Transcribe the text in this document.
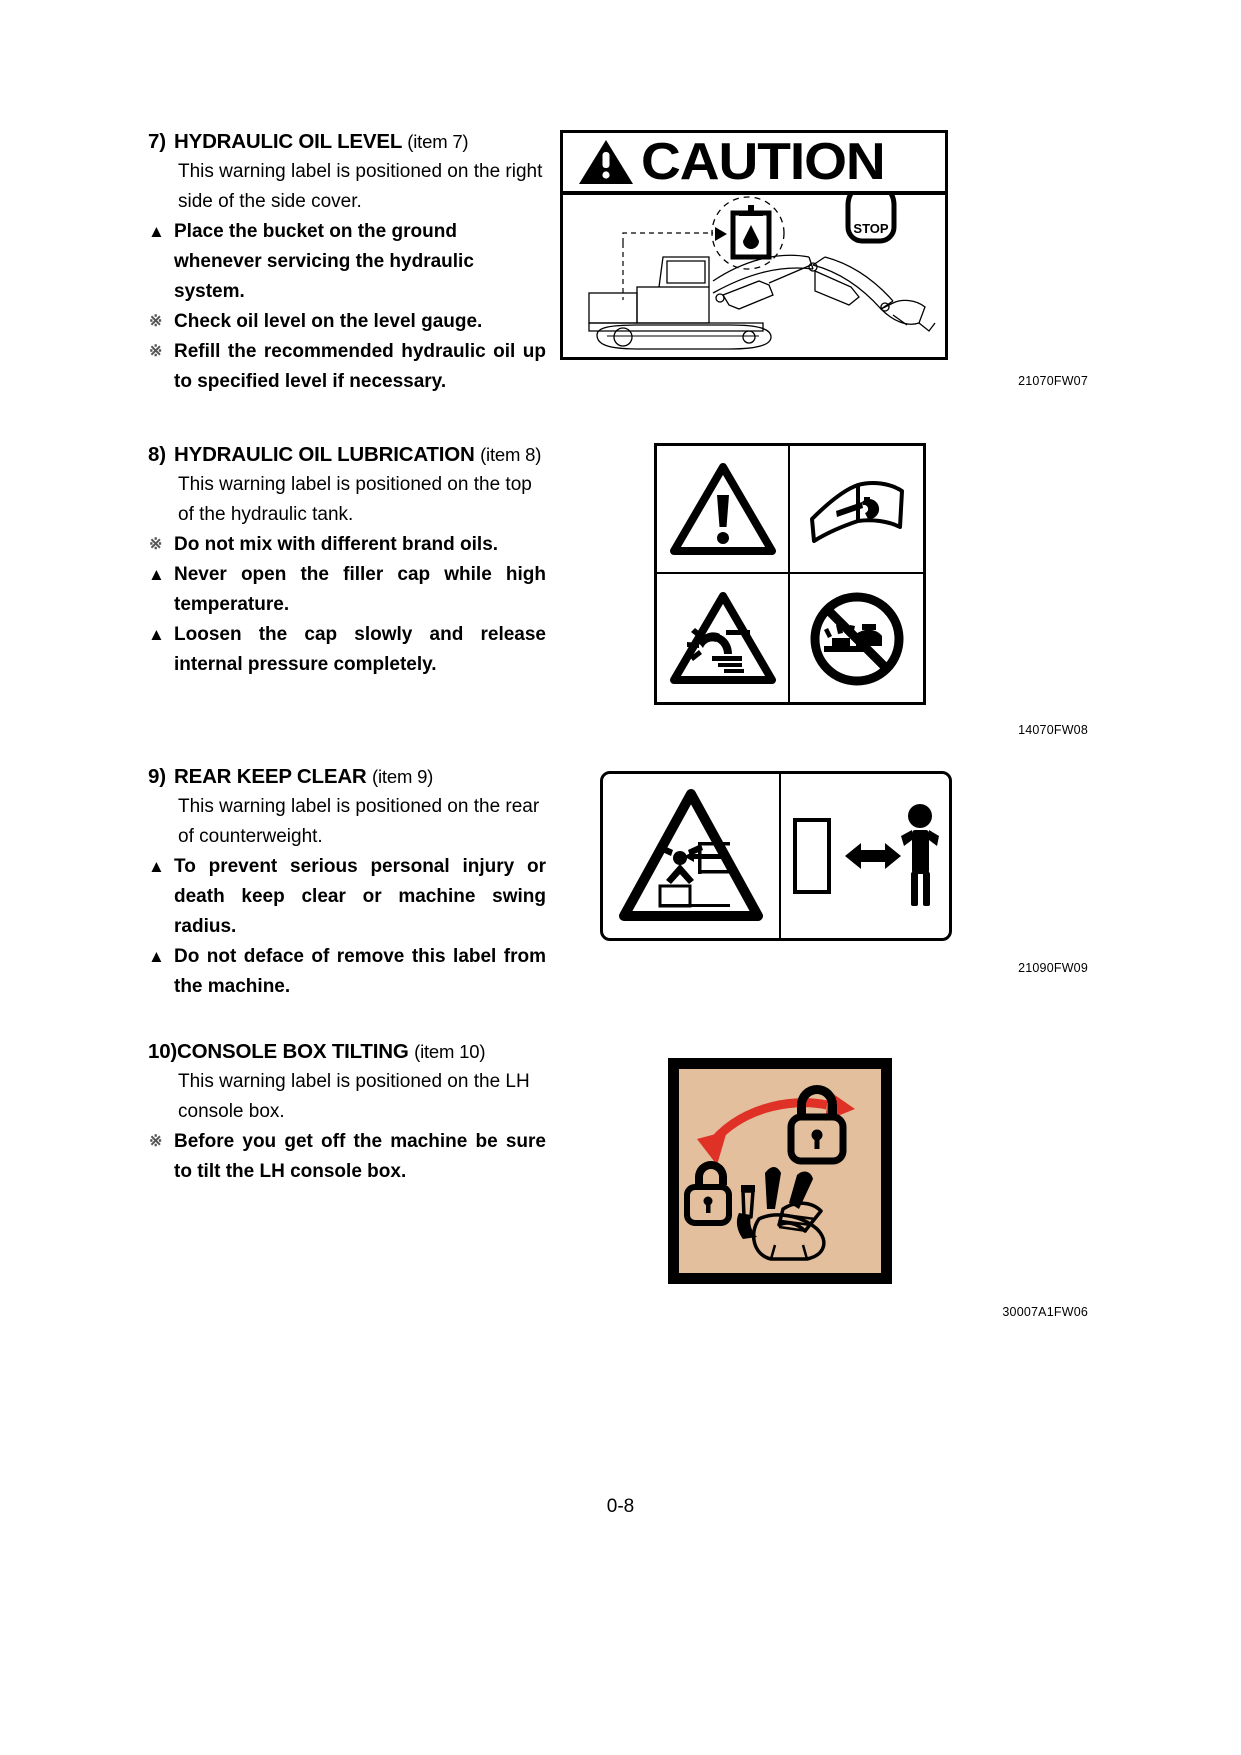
7) HYDRAULIC OIL LEVEL (item 7)
This warning label is positioned on the right side of the side cover.
▲ Place the bucket on the ground whenever servicing the hydraulic system.
※ Check oil level on the level gauge.
※ Refill the recommended hydraulic oil up to specified level if necessary.
CAUTION
STOP
21070FW07
8) HYDRAULIC OIL LUBRICATION (item 8)
This warning label is positioned on the top of the hydraulic tank.
※ Do not mix with different brand oils.
▲ Never open the filler cap while high temperature.
▲ Loosen the cap slowly and release internal pressure completely.
14070FW08
9) REAR KEEP CLEAR (item 9)
This warning label is positioned on the rear of counterweight.
▲ To prevent serious personal injury or death keep clear or machine swing radius.
▲ Do not deface of remove this label from the machine.
21090FW09
10)CONSOLE BOX TILTING (item 10)
This warning label is positioned on the LH console box.
※ Before you get off the machine be sure to tilt the LH console box.
30007A1FW06
0-8
